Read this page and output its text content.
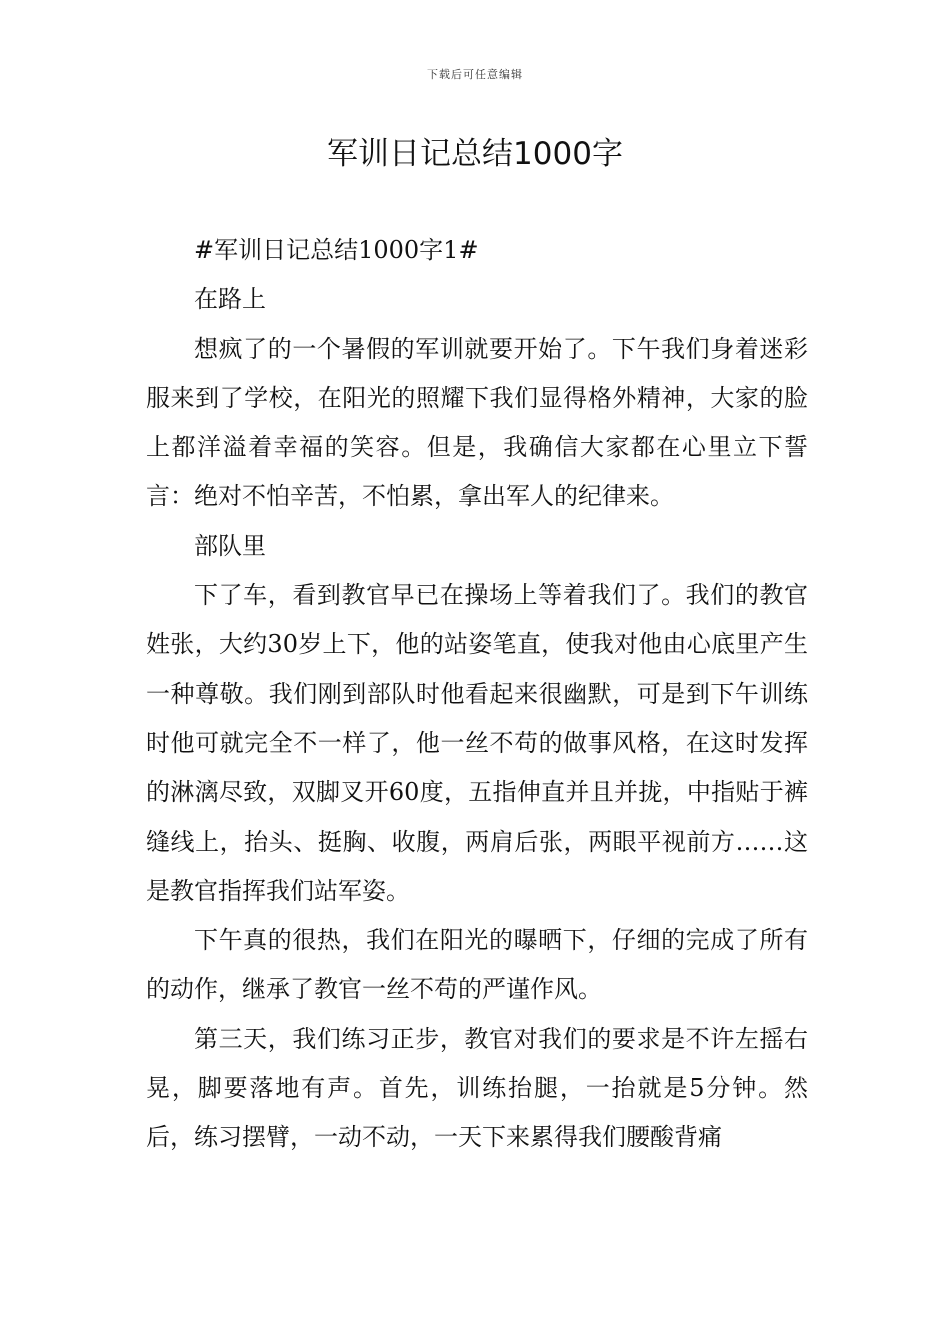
下载后可任意编辑
军训日记总结1000字

#军训日记总结1000字1#

在路上

想疯了的一个暑假的军训就要开始了。下午我们身着迷彩服来到了学校，在阳光的照耀下我们显得格外精神，大家的脸上都洋溢着幸福的笑容。但是，我确信大家都在心里立下誓言：绝对不怕辛苦，不怕累，拿出军人的纪律来。

部队里

下了车，看到教官早已在操场上等着我们了。我们的教官姓张，大约30岁上下，他的站姿笔直，使我对他由心底里产生一种尊敬。我们刚到部队时他看起来很幽默，可是到下午训练时他可就完全不一样了，他一丝不苟的做事风格，在这时发挥的淋漓尽致，双脚叉开60度，五指伸直并且并拢，中指贴于裤缝线上，抬头、挺胸、收腹，两肩后张，两眼平视前方……这是教官指挥我们站军姿。

下午真的很热，我们在阳光的曝晒下，仔细的完成了所有的动作，继承了教官一丝不苟的严谨作风。

第三天，我们练习正步，教官对我们的要求是不许左摇右晃，脚要落地有声。首先，训练抬腿，一抬就是5分钟。然后，练习摆臂，一动不动，一天下来累得我们腰酸背痛
